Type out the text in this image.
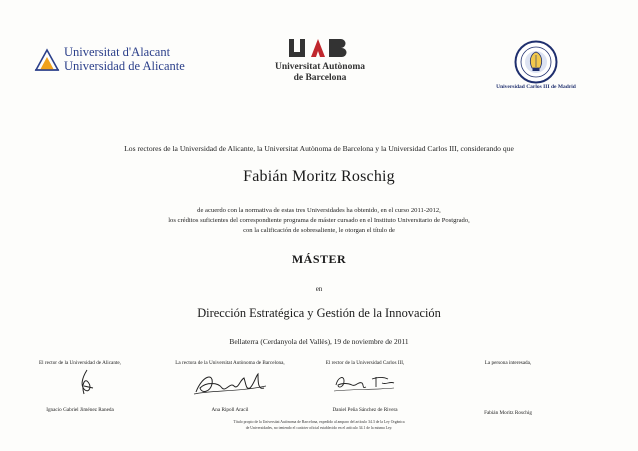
Universitat d'Alacant
Universidad de Alicante	Universitat Autònoma
de Barcelona
Universidad Carlos III de Madrid
Los rectores de la Universidad de Alicante, la Universitat Autònoma de Barcelona y la Universidad Carlos III, considerando que
Fabián Moritz Roschig
de acuerdo con la normativa de estas tres Universidades ha obtenido, en el curso 2011-2012,
los créditos suficientes del correspondiente programa de máster cursado en el Instituto Universitario de Postgrado,
con la calificación de sobresaliente, le otorgan el título de
MÁSTER
en
Dirección Estratégica y Gestión de la Innovación
Bellaterra (Cerdanyola del Vallès), 19 de noviembre de 2011
El rector de la Universidad de Alicante,	La rectora de la Universitat Autònoma de Barcelona,	El rector de la Universidad Carlos III,	La persona interesada,
Ignacio Gabriel Jiménez Raneda	Ana Ripoll Aracil	Daniel Peña Sánchez de Rivera	Fabián Moritz Roschig
Título propio de la Universitat Autònoma de Barcelona, expedido al amparo del artículo 34.3 de la Ley Orgánica
de Universidades, no teniendo el carácter oficial establecido en el artículo 34.1 de la misma Ley.
